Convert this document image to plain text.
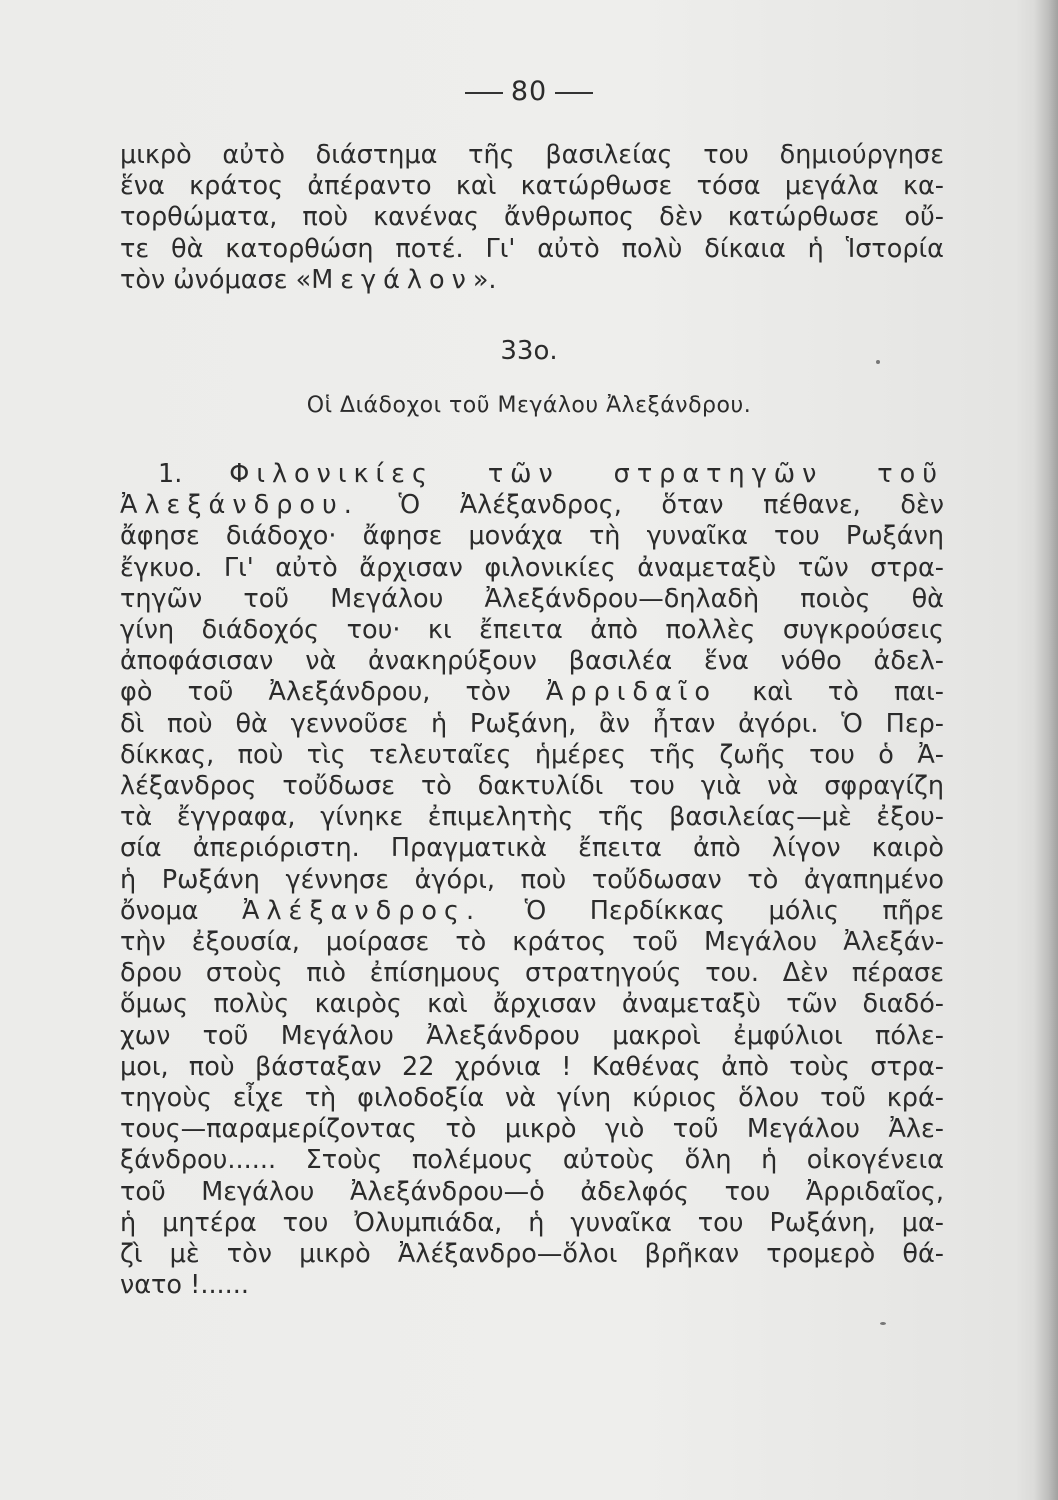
80
μικρὸ αὐτὸ διάστημα τῆς βασιλείας του δημιούργησε
ἕνα κράτος ἀπέραντο καὶ κατώρθωσε τόσα μεγάλα κα-
τορθώματα, ποὺ κανένας ἄνθρωπος δὲν κατώρθωσε οὔ-
τε θὰ κατορθώση ποτέ. Γι' αὐτὸ πολὺ δίκαια ἡ Ἱστορία
τὸν ὠνόμασε «Μεγάλον».
33ο.
Οἱ Διάδοχοι τοῦ Μεγάλου Ἀλεξάνδρου.
1. Φιλονικίες τῶν στρατηγῶν τοῦ
Ἀλεξάνδρου. Ὁ Ἀλέξανδρος, ὅταν πέθανε, δὲν
ἄφησε διάδοχο· ἄφησε μονάχα τὴ γυναῖκα του Ρωξάνη
ἔγκυο. Γι' αὐτὸ ἄρχισαν φιλονικίες ἀναμεταξὺ τῶν στρα-
τηγῶν τοῦ Μεγάλου Ἀλεξάνδρου—δηλαδὴ ποιὸς θὰ
γίνη διάδοχός του· κι ἔπειτα ἀπὸ πολλὲς συγκρούσεις
ἀποφάσισαν νὰ ἀνακηρύξουν βασιλέα ἕνα νόθο ἀδελ-
φὸ τοῦ Ἀλεξάνδρου, τὸν Ἀρριδαῖο καὶ τὸ παι-
δὶ ποὺ θὰ γεννοῦσε ἡ Ρωξάνη, ἂν ἦταν ἀγόρι. Ὁ Περ-
δίκκας, ποὺ τὶς τελευταῖες ἡμέρες τῆς ζωῆς του ὁ Ἀ-
λέξανδρος τοὔδωσε τὸ δακτυλίδι του γιὰ νὰ σφραγίζη
τὰ ἔγγραφα, γίνηκε ἐπιμελητὴς τῆς βασιλείας—μὲ ἐξου-
σία ἀπεριόριστη. Πραγματικὰ ἔπειτα ἀπὸ λίγον καιρὸ
ἡ Ρωξάνη γέννησε ἀγόρι, ποὺ τοὔδωσαν τὸ ἀγαπημένο
ὄνομα Ἀλέξανδρος. Ὁ Περδίκκας μόλις πῆρε
τὴν ἐξουσία, μοίρασε τὸ κράτος τοῦ Μεγάλου Ἀλεξάν-
δρου στοὺς πιὸ ἐπίσημους στρατηγούς του. Δὲν πέρασε
ὅμως πολὺς καιρὸς καὶ ἄρχισαν ἀναμεταξὺ τῶν διαδό-
χων τοῦ Μεγάλου Ἀλεξάνδρου μακροὶ ἐμφύλιοι πόλε-
μοι, ποὺ βάσταξαν 22 χρόνια ! Καθένας ἀπὸ τοὺς στρα-
τηγοὺς εἶχε τὴ φιλοδοξία νὰ γίνη κύριος ὅλου τοῦ κρά-
τους—παραμερίζοντας τὸ μικρὸ γιὸ τοῦ Μεγάλου Ἀλε-
ξάνδρου...... Στοὺς πολέμους αὐτοὺς ὅλη ἡ οἰκογένεια
τοῦ Μεγάλου Ἀλεξάνδρου—ὁ ἀδελφός του Ἀρριδαῖος,
ἡ μητέρα του Ὀλυμπιάδα, ἡ γυναῖκα του Ρωξάνη, μα-
ζὶ μὲ τὸν μικρὸ Ἀλέξανδρο—ὅλοι βρῆκαν τρομερὸ θά-
νατο !......
